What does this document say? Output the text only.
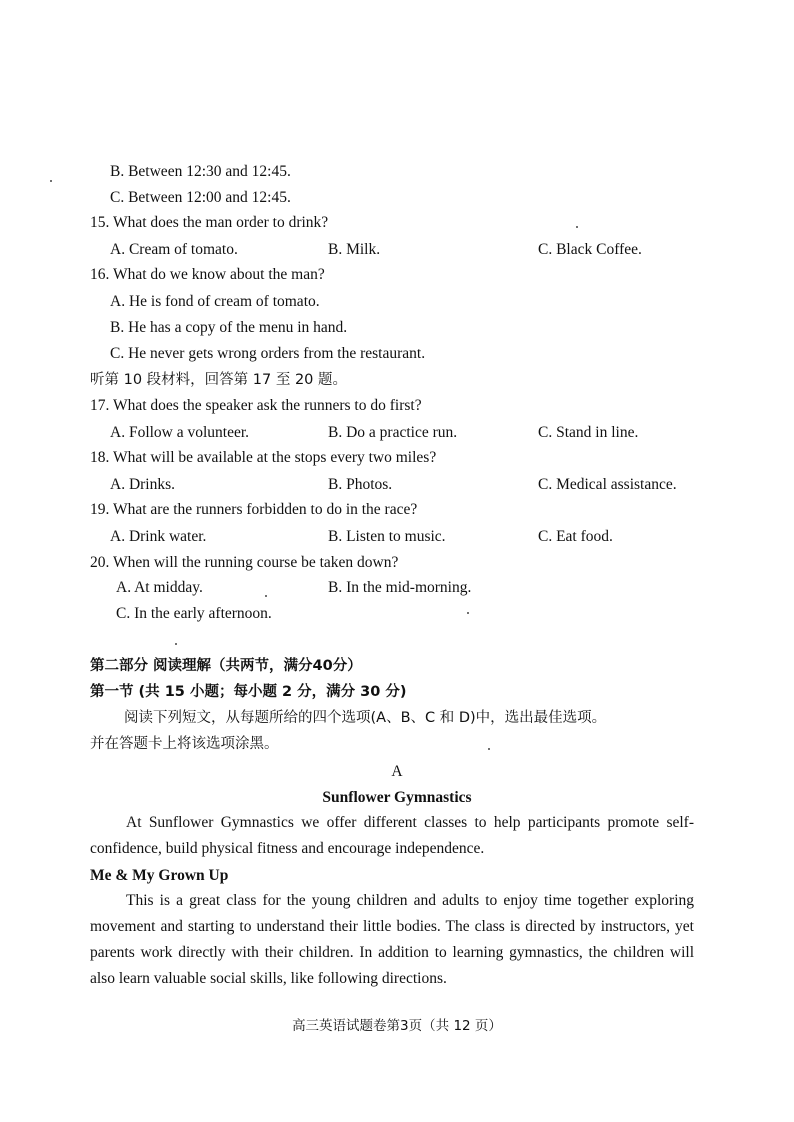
B. Between 12:30 and 12:45.
C. Between 12:00 and 12:45.
15. What does the man order to drink?
A. Cream of tomato.	B. Milk.	C. Black Coffee.
16. What do we know about the man?
A. He is fond of cream of tomato.
B. He has a copy of the menu in hand.
C. He never gets wrong orders from the restaurant.
听第 10 段材料，回答第 17 至 20 题。
17. What does the speaker ask the runners to do first?
A. Follow a volunteer.	B. Do a practice run.	C. Stand in line.
18. What will be available at the stops every two miles?
A. Drinks.	B. Photos.	C. Medical assistance.
19. What are the runners forbidden to do in the race?
A. Drink water.	B. Listen to music.	C. Eat food.
20. When will the running course be taken down?
A. At midday.	B. In the mid-morning.
C. In the early afternoon.
第二部分 阅读理解（共两节，满分40分）
第一节 (共 15 小题；每小题 2 分，满分 30 分)
阅读下列短文，从每题所给的四个选项(A、B、C 和 D)中，选出最佳选项。
并在答题卡上将该选项涂黑。
A
Sunflower Gymnastics
At Sunflower Gymnastics we offer different classes to help participants promote self-confidence, build physical fitness and encourage independence.
Me & My Grown Up
This is a great class for the young children and adults to enjoy time together exploring movement and starting to understand their little bodies. The class is directed by instructors, yet parents work directly with their children. In addition to learning gymnastics, the children will also learn valuable social skills, like following directions.
高三英语试题卷第3页（共 12 页）
